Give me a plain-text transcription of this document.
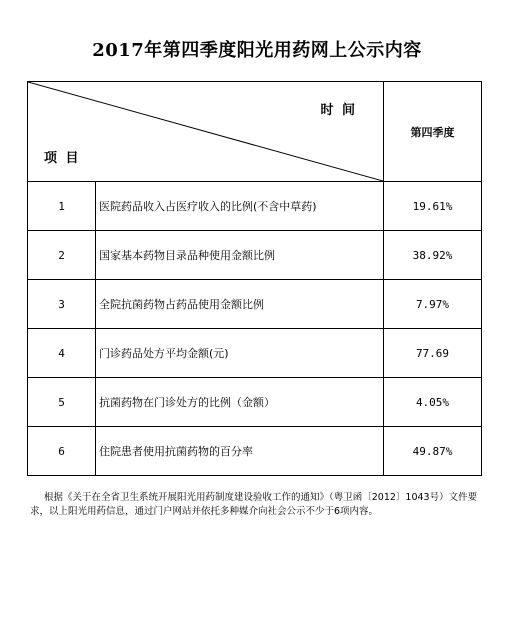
2017年第四季度阳光用药网上公示内容
时 间
项 目		第四季度
1	医院药品收入占医疗收入的比例(不含中草药)	19.61%
2	国家基本药物目录品种使用金额比例	38.92%
3	全院抗菌药物占药品使用金额比例	7.97%
4	门诊药品处方平均金额(元)	77.69
5	抗菌药物在门诊处方的比例（金额）	4.05%
6	住院患者使用抗菌药物的百分率	49.87%
根据《关于在全省卫生系统开展阳光用药制度建设验收工作的通知》（粤卫函〔2012〕1043号）文件要求，以上阳光用药信息，通过门户网站并依托多种媒介向社会公示不少于6项内容。
